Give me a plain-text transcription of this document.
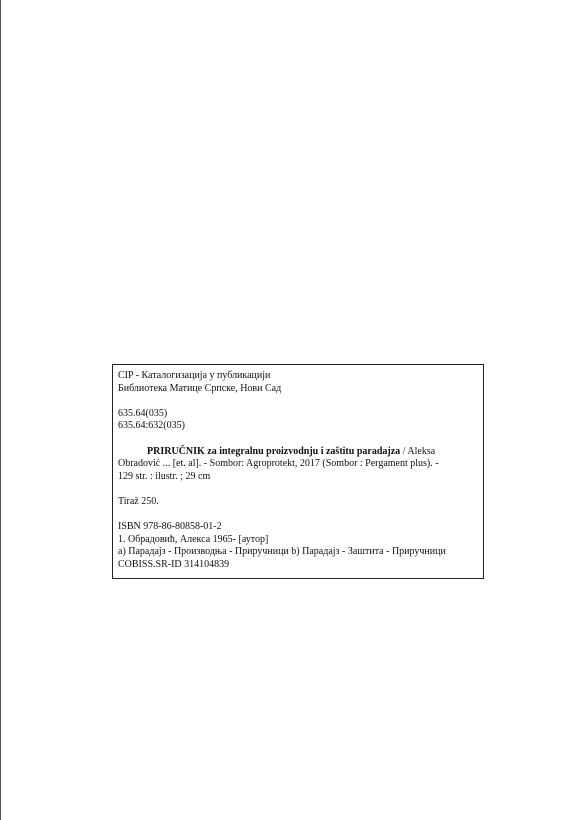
CIP - Каталогизација у публикацији
Библиотека Матице Српске, Нови Сад
635.64(035)
635.64:632(035)
PRIRUČNIK za integralnu proizvodnju i zaštitu paradajza / Aleksa
Obradović ... [et. al]. - Sombor: Agroprotekt, 2017 (Sombor : Pergament plus). -
129 str. : ilustr. ; 29 cm
Tiraž 250.
ISBN 978-86-80858-01-2
1. Обрадовић, Алекса 1965- [аутор]
a) Парадајз - Производња - Приручници b) Парадајз - Заштита - Приручници
COBISS.SR-ID 314104839
